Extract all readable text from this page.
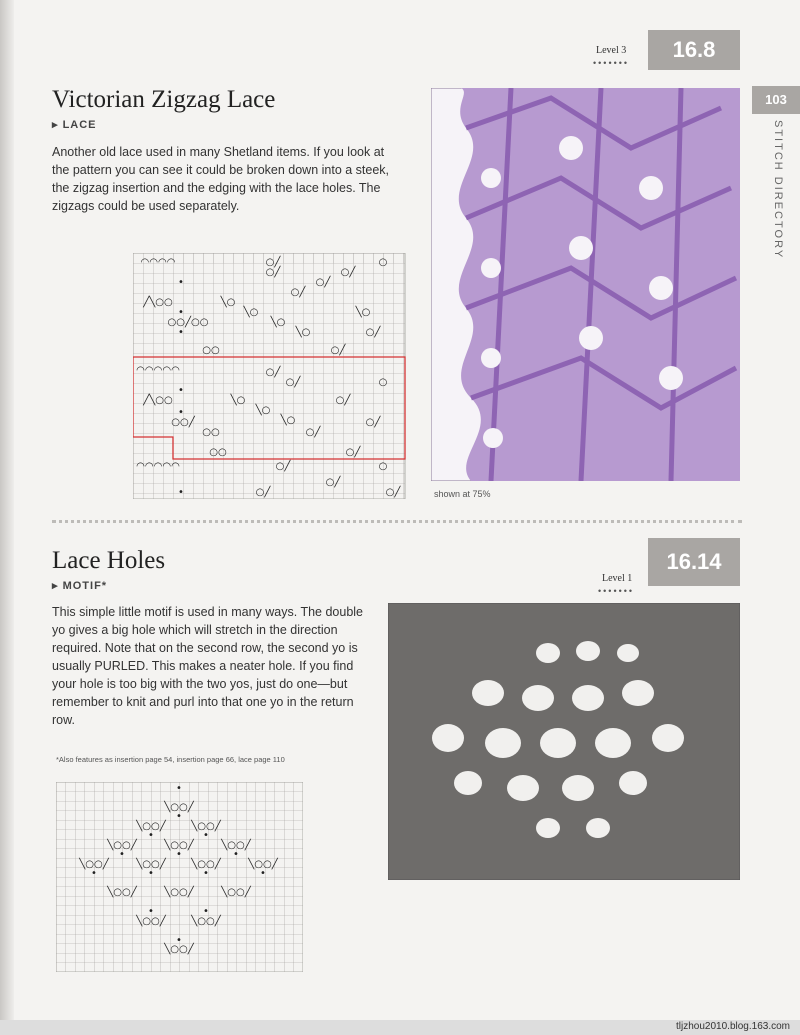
103
STITCH DIRECTORY
16.8
Level 3
•••••••
Victorian Zigzag Lace
▸ LACE

Another old lace used in many Shetland items. If you look at the pattern you can see it could be broken down into a steek, the zigzag insertion and the edging with the lace holes. The zigzags could be used separately.

◠◠◠◠
•
╱╲○○
•
○○╱○○
•
○○
○╱
○╱
╲○
╲○
╲○
╲○
○╱
○╱
○╱
○
╲○
○╱
○╱
◠◠◠◠◠
•
╱╲○○
•
○○╱
○○
○○
○╱
○╱
╲○
╲○
╲○
○╱
○╱
○
○╱
○╱
◠◠◠◠◠
•
○╱
○╱
○╱
○
○╱	shown at 75%
16.14
Level 1
•••••••
Lace Holes
▸ MOTIF*

This simple little motif is used in many ways. The double yo gives a big hole which will stretch in the direction required. Note that on the second row, the second yo is usually PURLED. This makes a neater hole. If you find your hole is too big with the two yos, just do one—but remember to knit and purl into that one yo in the return row.

*Also features as insertion page 54, insertion page 66, lace page 110
•
╲○○╱
•
╲○○╱	╲○○╱
•	•
╲○○╱	╲○○╱	╲○○╱
•	•	•
╲○○╱	╲○○╱	╲○○╱	╲○○╱
•	•	•	•
╲○○╱	╲○○╱	╲○○╱
•	•
╲○○╱	╲○○╱
•
╲○○╱
tljzhou2010.blog.163.com
